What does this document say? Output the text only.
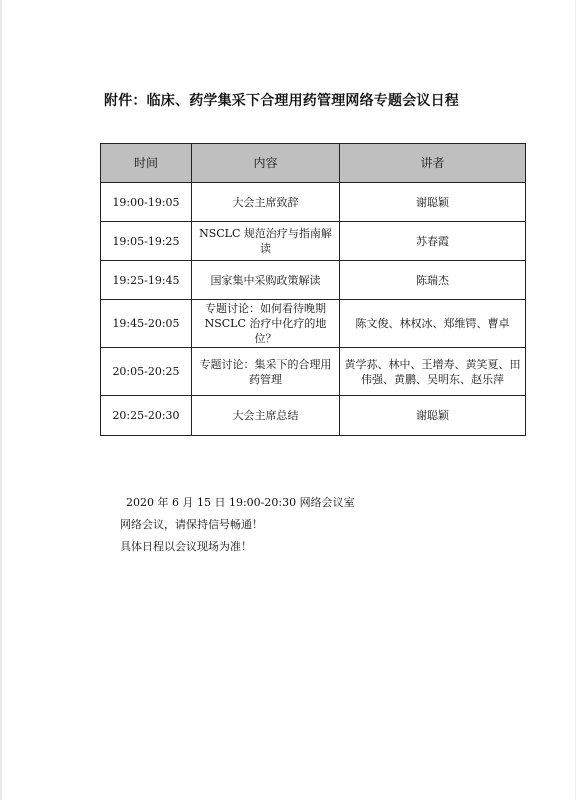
附件：临床、药学集采下合理用药管理网络专题会议日程
时间	内容	讲者
19:00-19:05	大会主席致辞	谢聪颖
19:05-19:25	NSCLC 规范治疗与指南解读	苏春霞
19:25-19:45	国家集中采购政策解读	陈瑞杰
19:45-20:05	专题讨论：如何看待晚期 NSCLC 治疗中化疗的地位？	陈文俊、林权冰、郑维锷、曹卓
20:05-20:25	专题讨论：集采下的合理用药管理	黄学荪、林中、王增寿、黄笑夏、田伟强、黄鹏、吴明东、赵乐萍
20:25-20:30	大会主席总结	谢聪颖
2020 年 6 月 15 日 19:00-20:30 网络会议室
网络会议，请保持信号畅通！
具体日程以会议现场为准！
